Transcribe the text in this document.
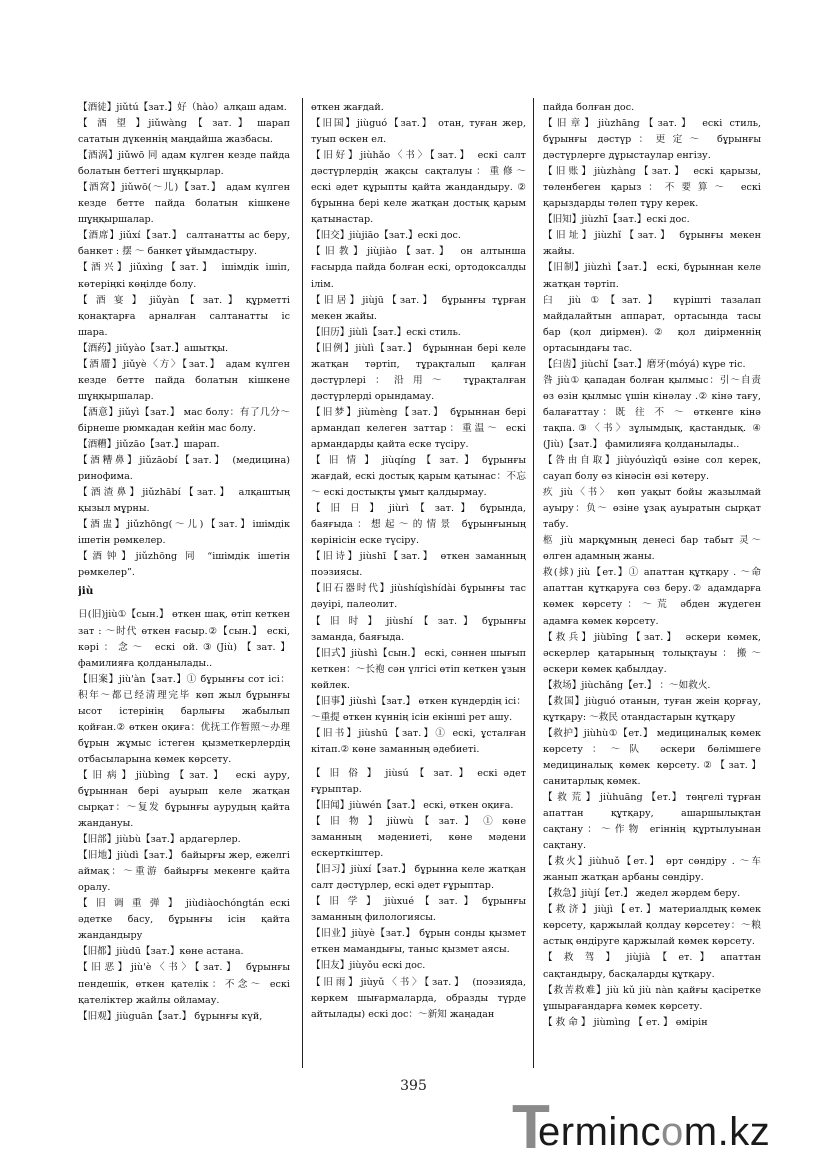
【酒徒】jiǔtú【зат.】好（hào）алқаш адам.

【 酒 望 】jiǔwàng 【 зат. 】 шарап сататын дүкеннің маңдайша жазбасы.

【酒涡】jiǔwō 同 адам күлген кезде пайда болатын беттегі шұңқырлар.

【酒窝】jiǔwō(～儿)【зат.】 адам күлген кезде бетте пайда болатын кішкене шұңқыршалар.

【酒席】jiǔxí【зат.】 салтанатты ас беру, банкет : 摆 ～ банкет ұйымдастыру.

【酒兴】jiǔxìng【зат.】 ішімдік ішіп, көтеріңкі көңілде болу.

【 酒 宴 】 jiǔyàn 【 зат. 】 құрметті қонақтарға арналған салтанатты іс шара.

【酒药】jiǔyào【зат.】ашытқы.

【酒靥】jiǔyè〈方〉【зат.】 адам күлген кезде бетте пайда болатын кішкене шұңқыршалар.

【酒意】jiǔyì【зат.】 мас болу：有了几分～ бірнеше рюмкадан кейін мас болу.

【酒糟】jiǔzāo【зат.】шарап.

【酒糟鼻】jiǔzāobí【зат.】 (медицина) ринофима.

【酒渣鼻】jiǔzhābí【зат.】 алқаштың қызыл мұрны.

【酒盅】jiǔzhōng(～儿)【зат.】ішімдік ішетін рөмкелер.

【酒钟】jiǔzhōng 同 “ішімдік ішетін рөмкелер”.

jiù

日(旧)jiù①【сын.】 өткен шақ, өтіп кеткен зат : ～时代 өткен ғасыр.②【сын.】 ескі, кәрі：念～ ескі ой.③(Jiù)【зат.】фамилияға қолданылады..

【旧案】jiù'àn【зат.】① бұрынғы сот ісі：积年～都已经清理完毕 көп жыл бұрынғы ысот істерінің барлығы жабылып қойған.② өткен оқиға：优抚工作暂照～办理 бұрын жұмыс істеген қызметкерлердің отбасыларына көмек көрсету.

【旧病】jiùbìng【зат.】 ескі ауру, бұрыннан бері ауырып келе жатқан сырқат：～复发 бұрынғы аурудың қайта жандануы.

【旧部】jiùbù【зат.】ардагерлер.

【旧地】jiùdì【зат.】 байырғы жер, ежелгі аймақ：～重游 байырғы мекенге қайта оралу.

【 旧 调 重 弹 】 jiùdiàochóngtán ескі әдетке басу, бұрынғы ісін қайта жандандыру

【旧都】jiùdū【зат.】көне астана.

【旧恶】jiù'è〈书〉【зат.】 бұрынғы пендешік, өткен қателік：不念～ ескі қателіктер жайлы ойламау.

【旧观】jiùguān【зат.】 бұрынғы күй,

өткен жағдай.

【旧国】jiùguó【зат.】 отан, туған жер, туып өскен ел.

【旧好】jiùhǎo〈书〉【зат.】 ескі салт дәстүрлердің жақсы сақталуы：重修～ ескі әдет құрыпты қайта жандандыру. ② бұрынна бері келе жатқан достық қарым қатынастар.

【旧交】jiùjiāo【зат.】ескі дос.

【旧教】jiùjiào【зат.】 он алтынша ғасырда пайда болған ескі, ортодоксалды ілім.

【旧居】jiùjū【зат.】 бұрынғы тұрған мекен жайы.

【旧历】jiùlì【зат.】ескі стиль.

【旧例】jiùlì【зат.】 бұрыннан бері келе жатқан тәртіп, тұрақталып қалған дәстүрлері：沿用～ тұрақталған дәстүрлерді орындамау.

【旧梦】jiùmèng【зат.】 бұрыннан бері армандап келеген заттар：重温～ ескі армандарды қайта еске түсіру.

【 旧 情 】 jiùqíng 【 зат. 】 бұрынғы жағдай, ескі достық қарым қатынас：不忘～ ескі достықты ұмыт қалдырмау.

【 旧 日 】 jiùrì 【 зат. 】 бұрында, баяғыда：想起～的情景 бұрынғының көрінісін еске түсіру.

【旧诗】jiùshī【зат.】 өткен заманның поэзиясы.

【旧石器时代】jiùshíqìshídài бұрынғы тас дәуірі, палеолит.

【 旧 时 】 jiùshí 【 зат. 】 бұрынғы заманда, баяғыда.

【旧式】jiùshì【сын.】 ескі, сәннен шығып кеткен：～长袍 сән үлгісі өтіп кеткен ұзын көйлек.

【旧事】jiùshì【зат.】 өткен күндердің ісі：～重提 өткен күннің ісін екінші рет ашу.

【旧书】jiùshū【зат.】① ескі, ұсталған кітап.② көне заманның әдебиеті.

【 旧 俗 】 jiùsú 【 зат. 】 ескі әдет ғұрыптар.

【旧闻】jiùwén【зат.】 ескі, өткен оқиға.

【 旧 物 】 jiùwù 【 зат. 】 ① көне заманның мәдениеті, көне мәдени ескерткіштер.

【旧习】jiùxí【зат.】 бұрынна келе жатқан салт дәстүрлер, ескі әдет ғұрыптар.

【 旧 学 】 jiùxué 【 зат. 】 бұрынғы заманның филологиясы.

【旧业】jiùyè【зат.】 бұрын сонды қызмет еткен мамандығы, таныс қызмет аясы.

【旧友】jiùyǒu ескі дос.

【旧雨】jiùyǔ〈书〉【зат.】 (поэзияда, көркем шығармаларда, образды түрде айтылады) ескі дос：～新知 жаңадан

пайда болған дос.

【旧章】jiùzhāng【зат.】 ескі стиль, бұрынғы дәстүр：更定～ бұрынғы дәстүрлерге дұрыстаулар енгізу.

【旧账】jiùzhàng【зат.】 ескі қарызы, төленбеген қарыз：不要算～ ескі қарыздарды төлеп тұру керек.

【旧知】jiùzhī【зат.】ескі дос.

【旧址】jiùzhǐ【зат.】 бұрынғы мекен жайы.

【旧制】jiùzhì【зат.】 ескі, бұрыннан келе жатқан тәртіп.

臼 jiù ①【зат.】 күрішті тазалап майдалайтын аппарат, ортасында тасы бар (қол диірмен).② қол диірменнің ортасындағы тас.

【臼齿】jiùchǐ【зат.】磨牙(móyá) күре тіс.

咎 jiù① қападан болған қылмыс：引～自责 өз өзін қылмыс үшін кінәлау .② кінә тағу, балағаттау：既 往 不 ～ өткенге кінә тақпа.③〈书〉зұлымдық, қастандық. ④ (Jiù)【зат.】 фамилияға қолданылады..

【咎由自取】jiùyóuzìqǔ өзіне сол керек, сауап болу өз кінәсін өзі көтеру.

疚 jiù〈书〉 көп уақыт бойы жазылмай ауыру：负～ өзіне ұзақ ауыратын сырқат табу.

柩 jiù марқұмның денесі бар табыт 灵～ өлген адамның жаны.

救(捄) jiù【ет.】① апаттан құтқару . ～命 апаттан құтқаруға сөз беру.② адамдарға көмек көрсету：～荒 әбден жүдеген адамға көмек көрсету.

【救兵】jiùbīng【зат.】 әскери көмек, әскерлер қатарының толықтауы：搬～ әскери көмек қабылдау.

【救场】jiùchǎng【ет.】 ：～如救火.

【救国】jiùguó отанын, туған жеін қорғау, құтқару: ～救民 отандастарын құтқару

【救护】jiùhù①【ет.】 медициналық көмек көрсету：～队 әскери бөлімшеге медициналық көмек көрсету.②【зат.】 санитарлық көмек.

【 救 荒 】 jiùhuāng 【ет.】 төңгелі тұрған апаттан құтқару, ашаршылықтан сақтану：～作物 егіннің құртылуынан сақтану.

【救火】jiùhuǒ【ет.】 өрт сөндіру . ～车 жанып жатқан арбаны сөндіру.

【救急】jiùjí【ет.】 жедел жәрдем беру.

【 救 济 】 jiùjì 【 ет. 】 материалдық көмек көрсету, қаржылай қолдау көрсетеу：～粮 астық өндіруге қаржылай көмек көрсету.

【 救 驾 】 jiùjià 【 ет. 】 апаттан сақтандыру, басқаларды құтқару.

【救苦救难】jiù kǔ jiù nàn қайғы қасіретке ұшырағандарға көмек көрсету.

【 救 命 】 jiùmìng 【 ет. 】 өмірін

395
T
ermincom.kz
